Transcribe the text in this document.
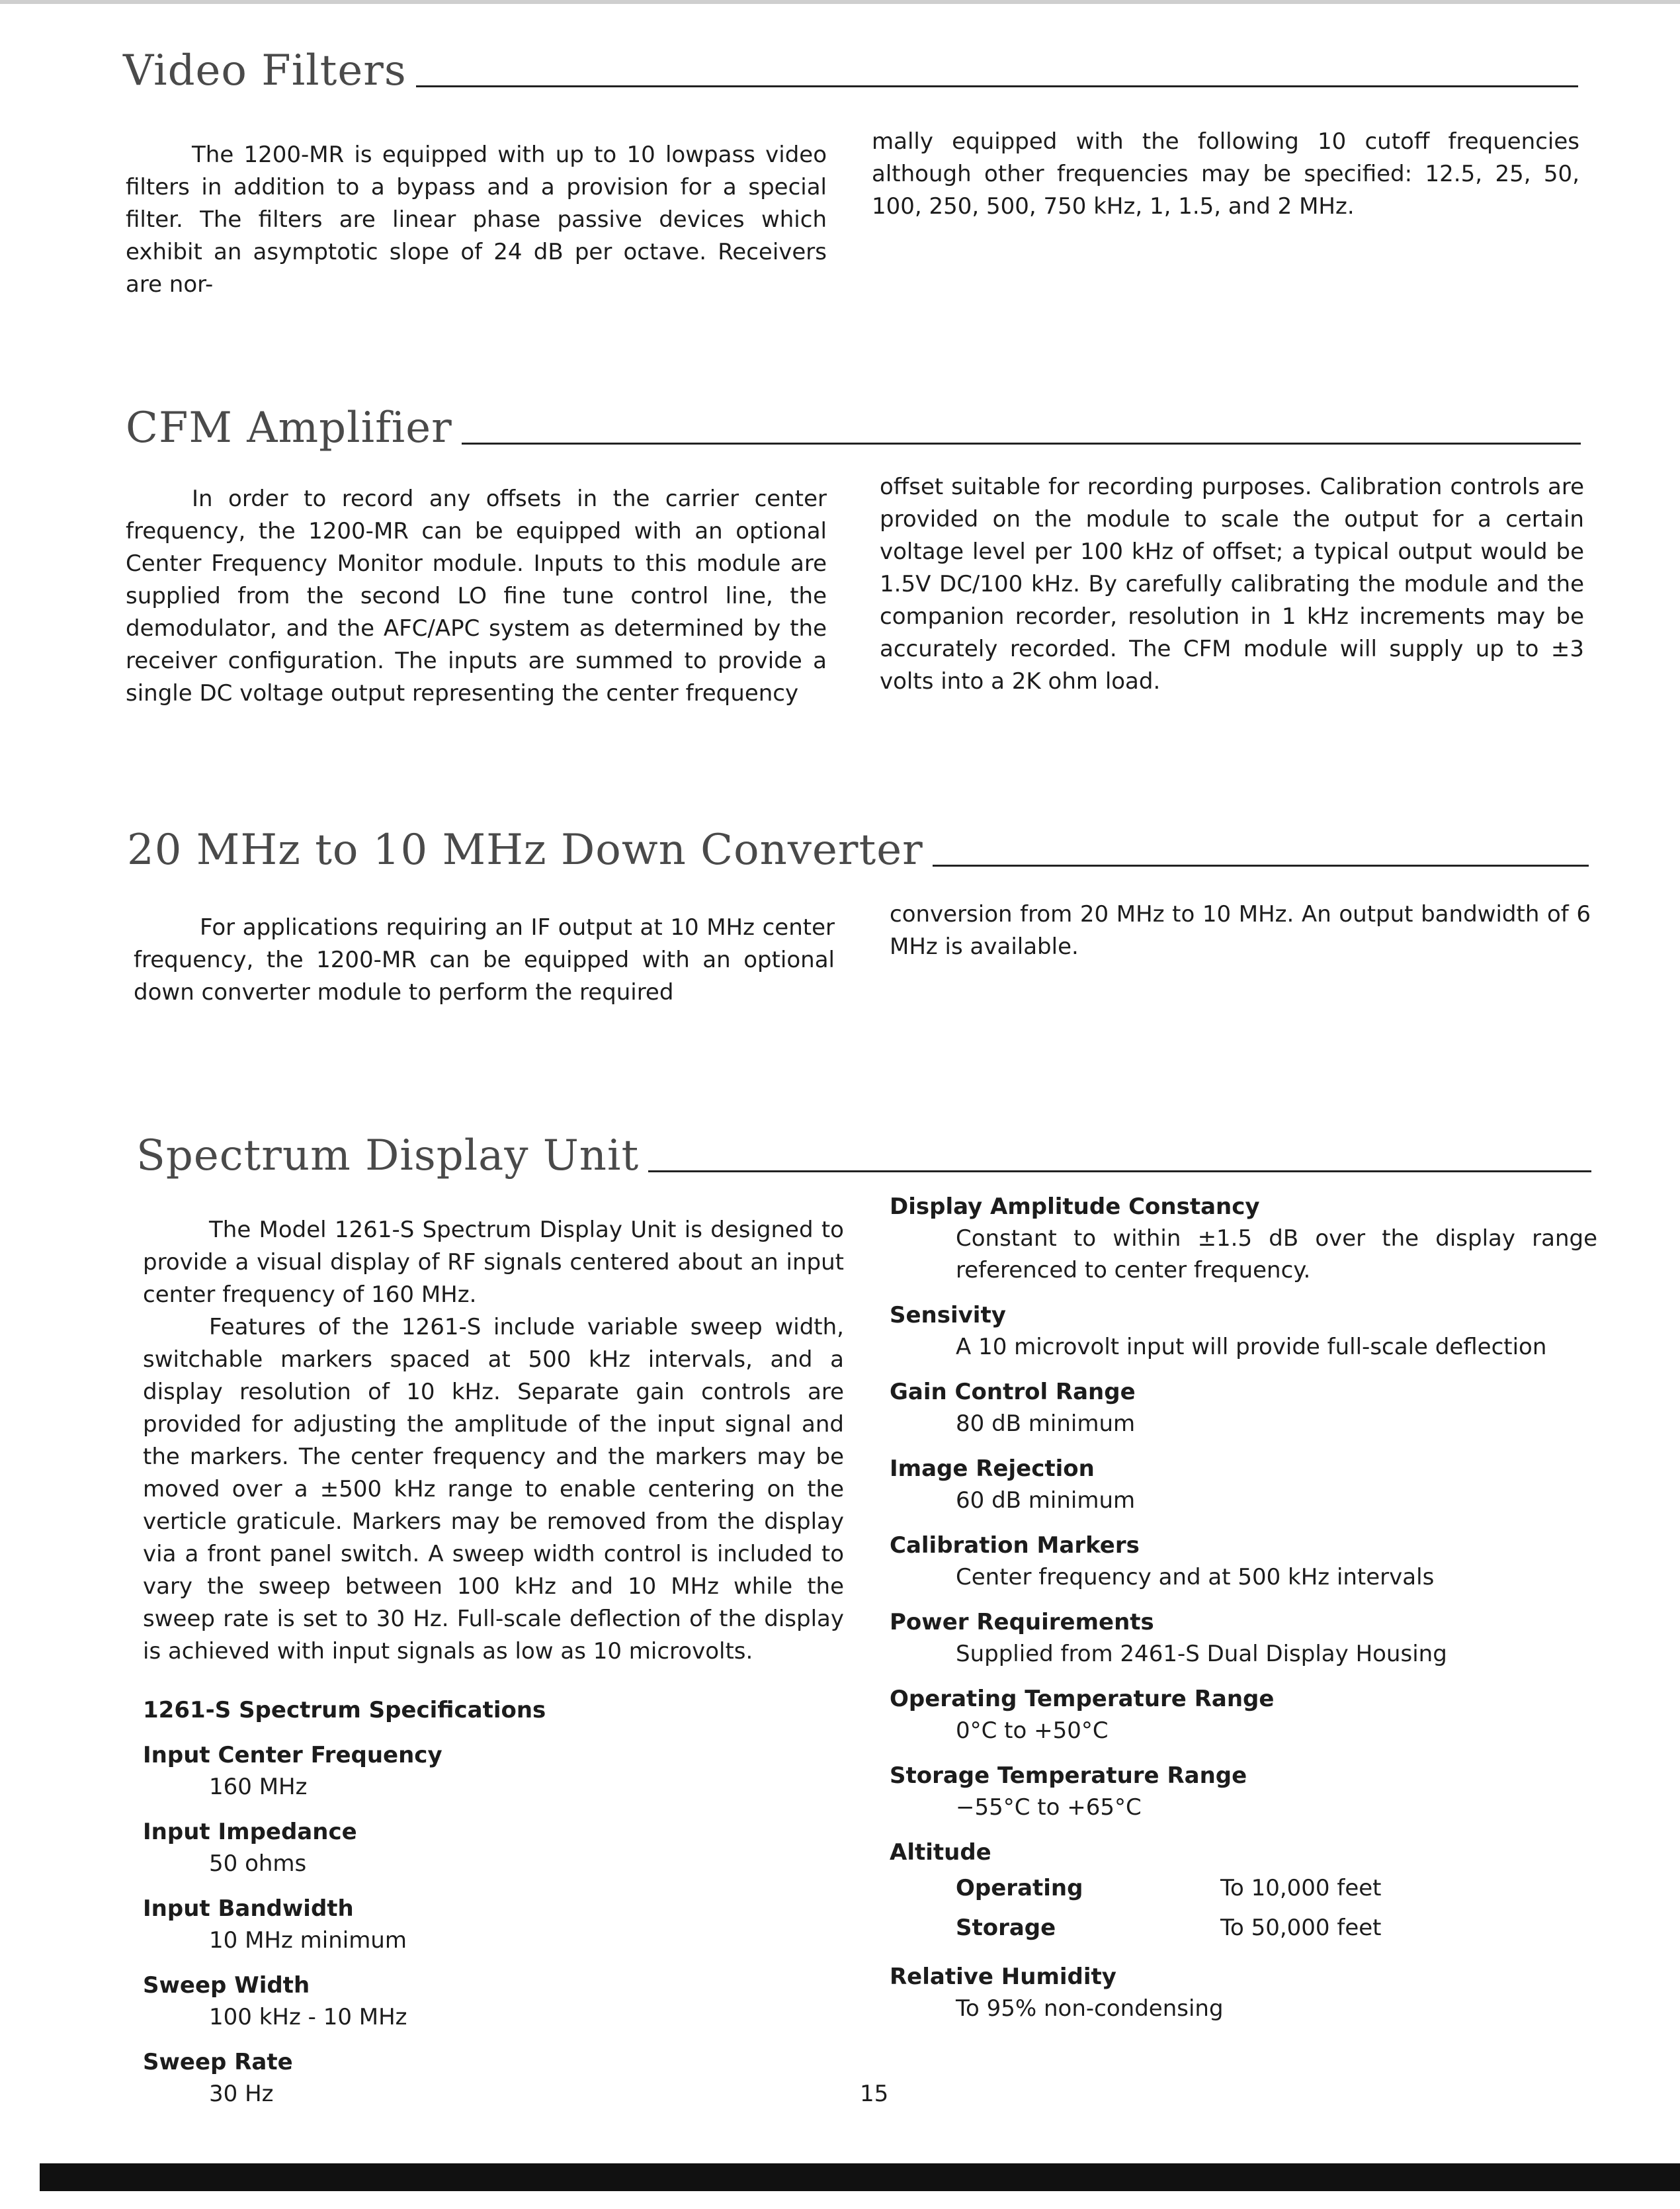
Video Filters

The 1200-MR is equipped with up to 10 lowpass video filters in addition to a bypass and a provision for a special filter. The filters are linear phase passive devices which exhibit an asymptotic slope of 24 dB per octave. Receivers are nor-

mally equipped with the following 10 cutoff frequencies although other frequencies may be specified: 12.5, 25, 50, 100, 250, 500, 750 kHz, 1, 1.5, and 2 MHz.

CFM Amplifier

In order to record any offsets in the carrier center frequency, the 1200-MR can be equipped with an optional Center Frequency Monitor module. Inputs to this module are supplied from the second LO fine tune control line, the demodulator, and the AFC/APC system as determined by the receiver configuration. The inputs are summed to provide a single DC voltage output representing the center frequency

offset suitable for recording purposes. Calibration controls are provided on the module to scale the output for a certain voltage level per 100 kHz of offset; a typical output would be 1.5V DC/100 kHz. By carefully calibrating the module and the companion recorder, resolution in 1 kHz increments may be accurately recorded. The CFM module will supply up to ±3 volts into a 2K ohm load.

20 MHz to 10 MHz Down Converter

For applications requiring an IF output at 10 MHz center frequency, the 1200-MR can be equipped with an optional down converter module to perform the required

conversion from 20 MHz to 10 MHz. An output bandwidth of 6 MHz is available.

Spectrum Display Unit

The Model 1261-S Spectrum Display Unit is designed to provide a visual display of RF signals centered about an input center frequency of 160 MHz.

Features of the 1261-S include variable sweep width, switchable markers spaced at 500 kHz intervals, and a display resolution of 10 kHz. Separate gain controls are provided for adjusting the amplitude of the input signal and the markers. The center frequency and the markers may be moved over a ±500 kHz range to enable centering on the verticle graticule. Markers may be removed from the display via a front panel switch. A sweep width control is included to vary the sweep between 100 kHz and 10 MHz while the sweep rate is set to 30 Hz. Full-scale deflection of the display is achieved with input signals as low as 10 microvolts.

1261-S Spectrum Specifications
Input Center Frequency
160 MHz
Input Impedance
50 ohms
Input Bandwidth
10 MHz minimum
Sweep Width
100 kHz - 10 MHz
Sweep Rate
30 Hz
Display Amplitude Constancy
Constant to within ±1.5 dB over the display range referenced to center frequency.
Sensivity
A 10 microvolt input will provide full-scale deflection
Gain Control Range
80 dB minimum
Image Rejection
60 dB minimum
Calibration Markers
Center frequency and at 500 kHz intervals
Power Requirements
Supplied from 2461-S Dual Display Housing
Operating Temperature Range
0°C to +50°C
Storage Temperature Range
−55°C to +65°C
Altitude
Operating	To 10,000 feet
Storage	To 50,000 feet
Relative Humidity
To 95% non-condensing
15
